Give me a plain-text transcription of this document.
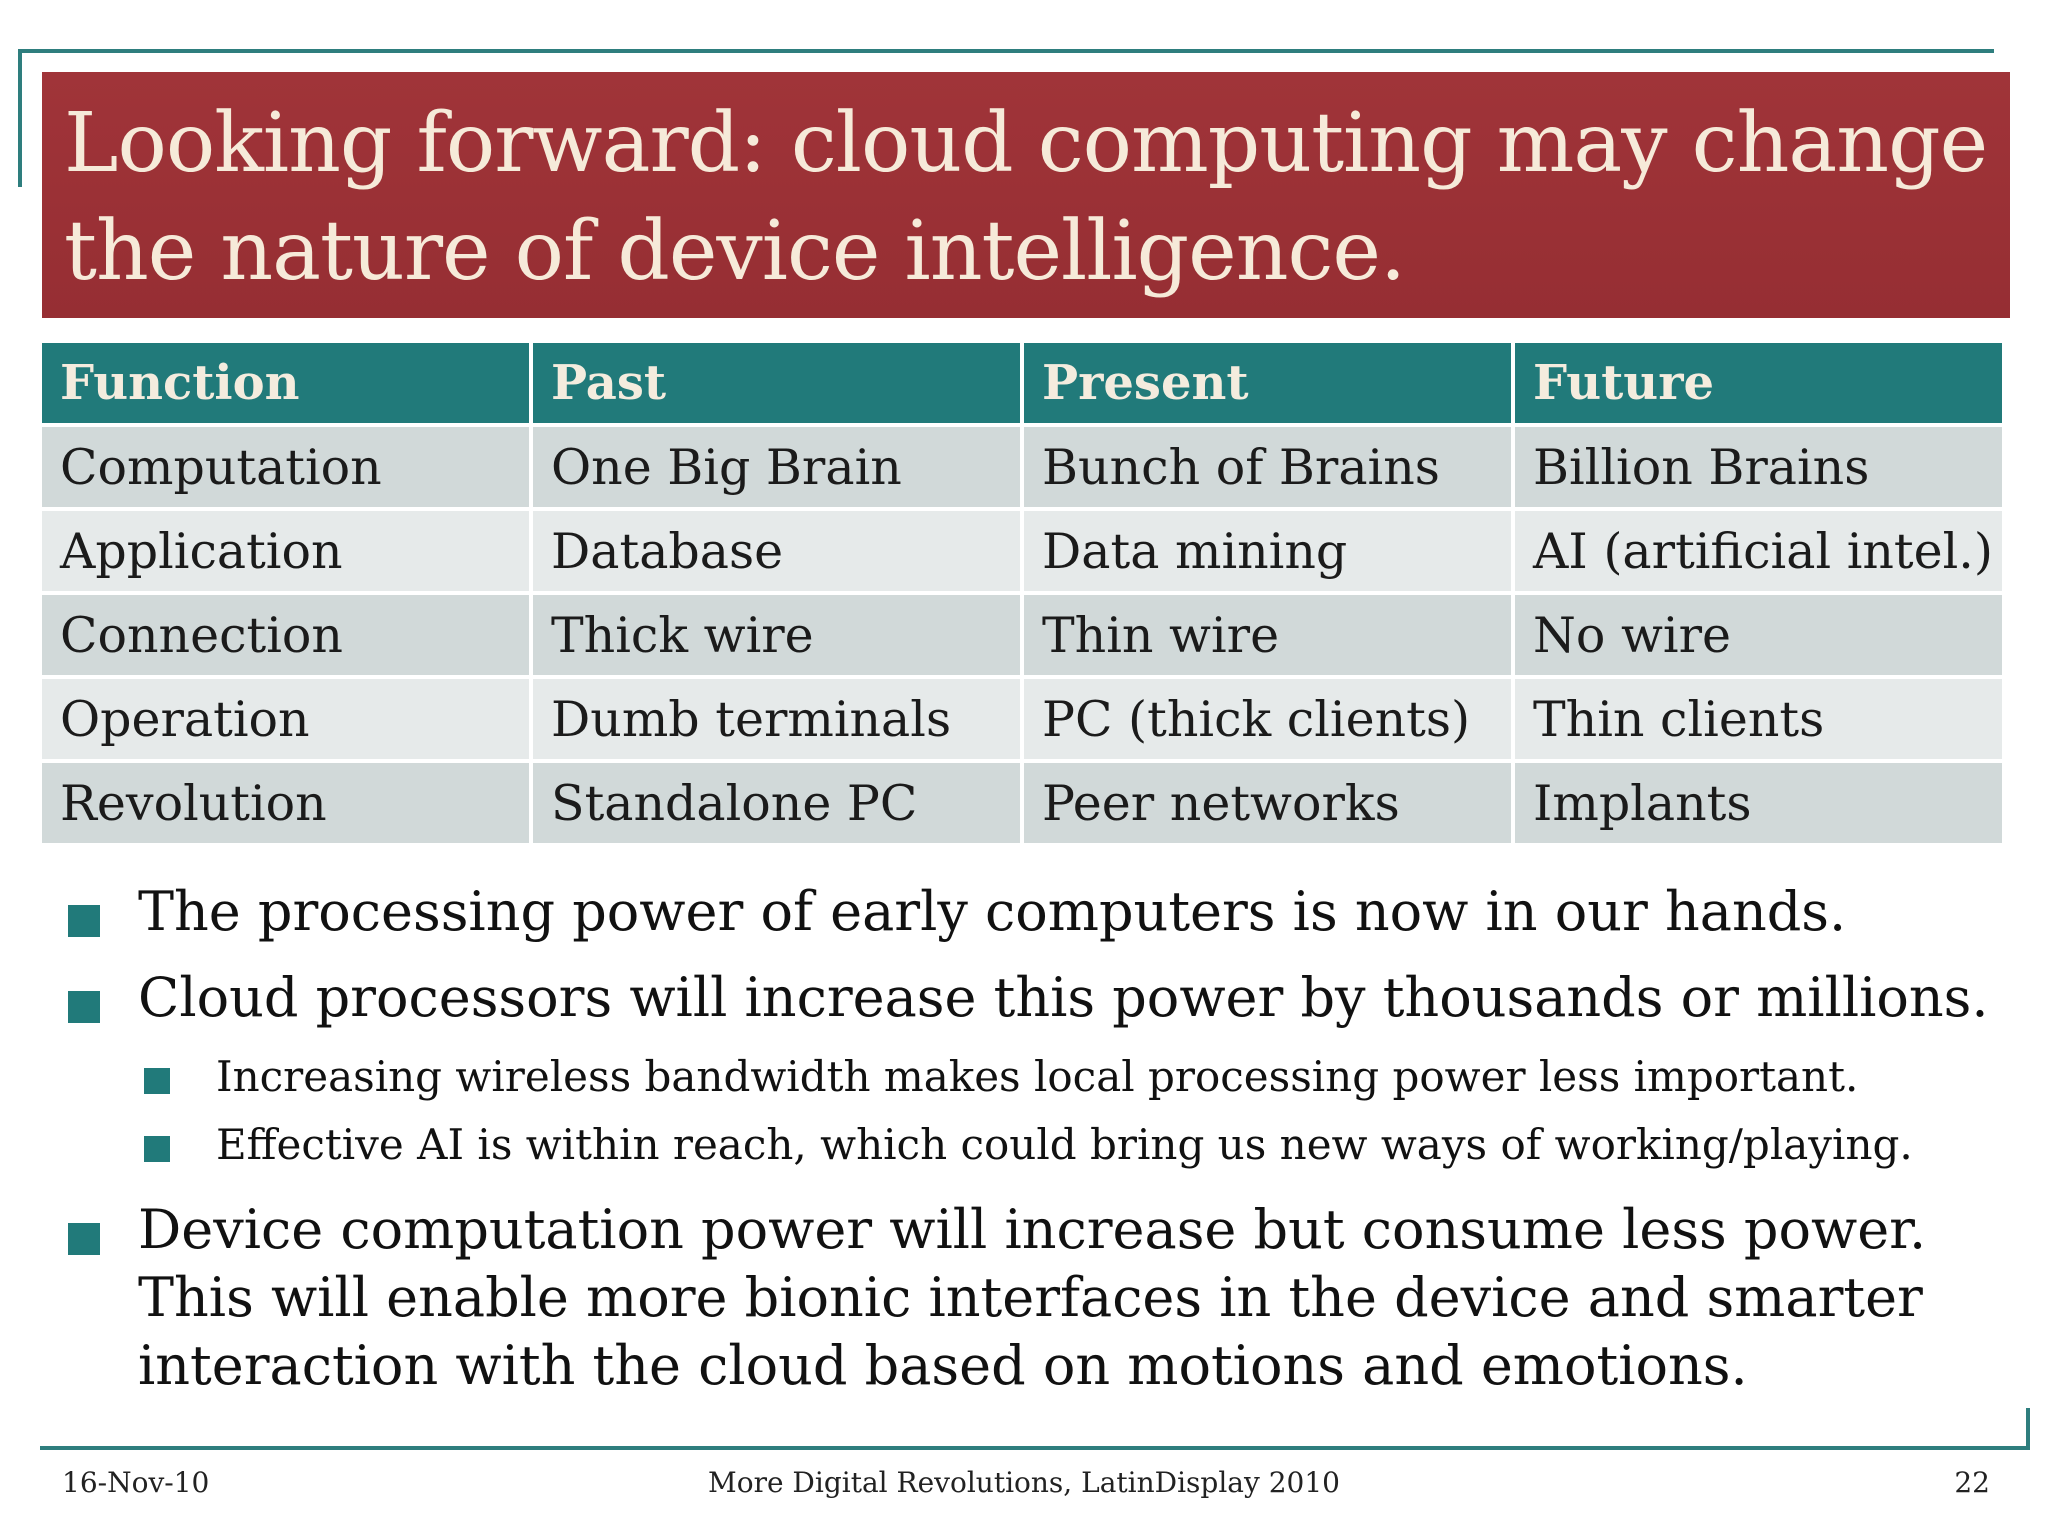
Looking forward: cloud computing may change the nature of device intelligence.
Function	Past	Present	Future
Computation	One Big Brain	Bunch of Brains	Billion Brains
Application	Database	Data mining	AI (artificial intel.)
Connection	Thick wire	Thin wire	No wire
Operation	Dumb terminals	PC (thick clients)	Thin clients
Revolution	Standalone PC	Peer networks	Implants
The processing power of early computers is now in our hands.
Cloud processors will increase this power by thousands or millions.
Increasing wireless bandwidth makes local processing power less important.
Effective AI is within reach, which could bring us new ways of working/playing.
Device computation power will increase but consume less power. This will enable more bionic interfaces in the device and smarter interaction with the cloud based on motions and emotions.
16-Nov-10	More Digital Revolutions, LatinDisplay 2010	22
